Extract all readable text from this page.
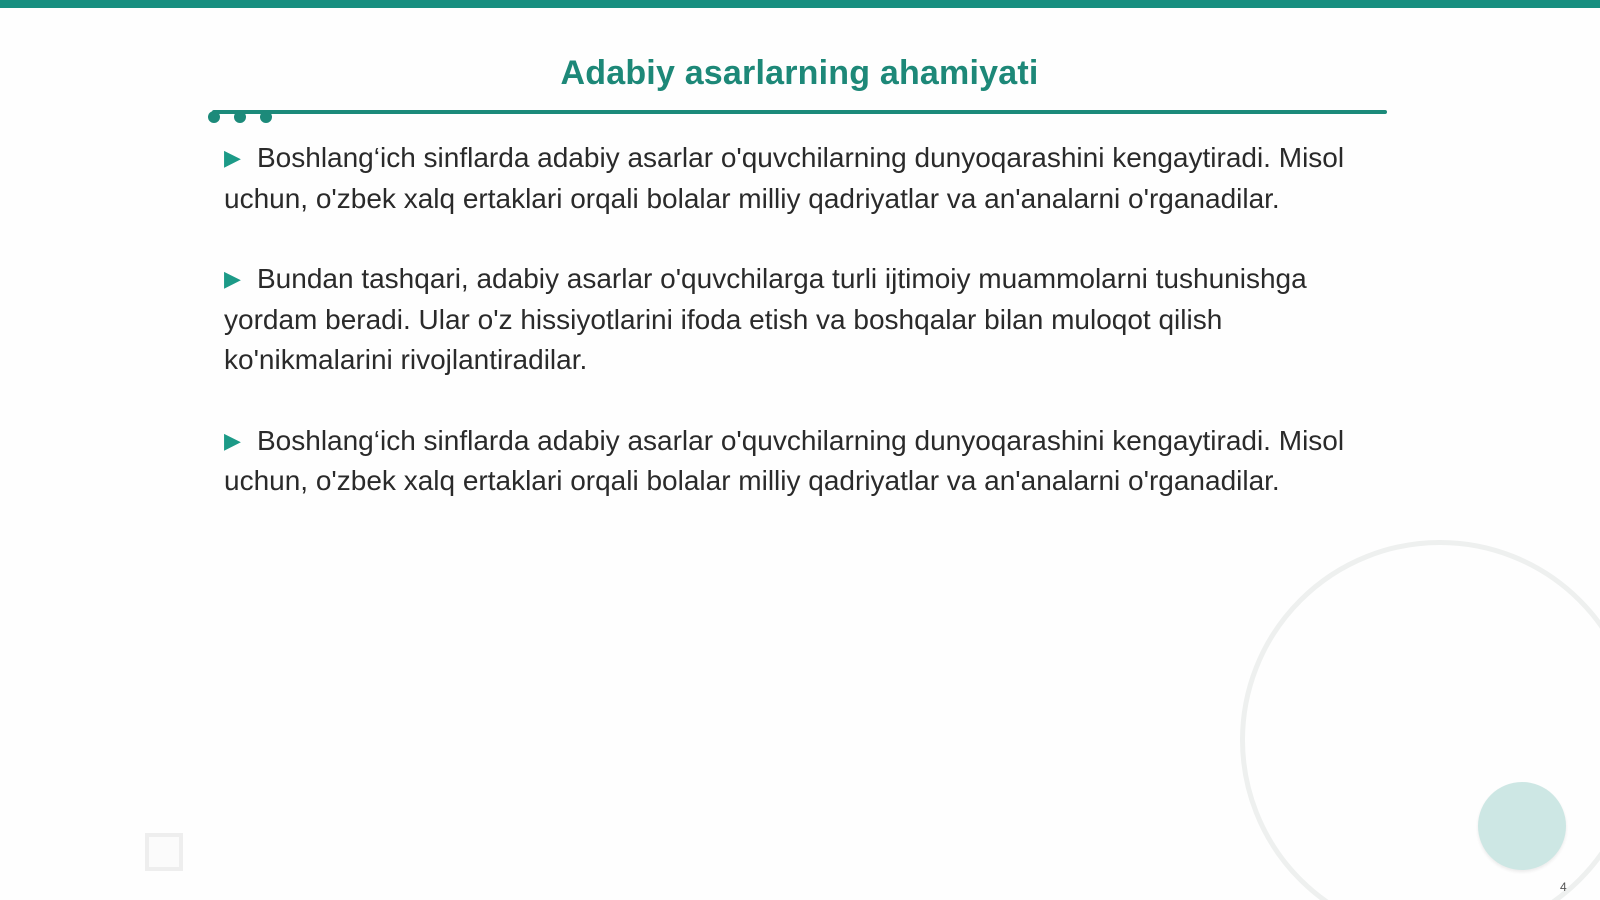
Adabiy asarlarning ahamiyati

▶ Boshlang‘ich sinflarda adabiy asarlar o'quvchilarning dunyoqarashini kengaytiradi. Misol uchun, o'zbek xalq ertaklari orqali bolalar milliy qadriyatlar va an'analarni o'rganadilar.

▶ Bundan tashqari, adabiy asarlar o'quvchilarga turli ijtimoiy muammolarni tushunishga yordam beradi. Ular o'z hissiyotlarini ifoda etish va boshqalar bilan muloqot qilish ko'nikmalarini rivojlantiradilar.

▶ Boshlang‘ich sinflarda adabiy asarlar o'quvchilarning dunyoqarashini kengaytiradi. Misol uchun, o'zbek xalq ertaklari orqali bolalar milliy qadriyatlar va an'analarni o'rganadilar.

4
